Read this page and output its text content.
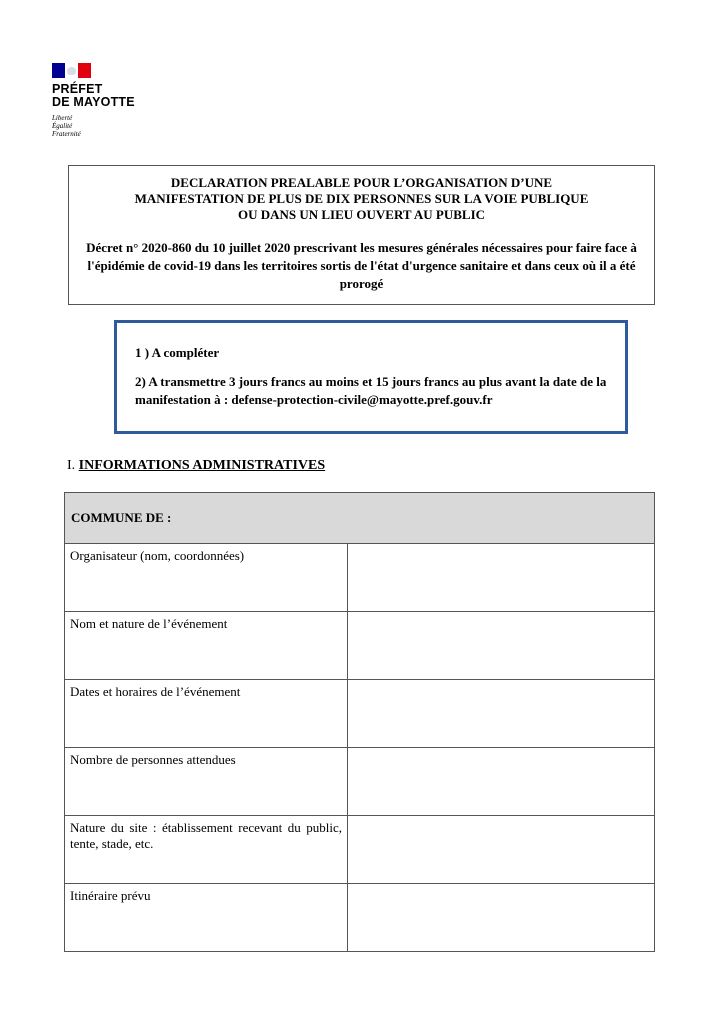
PRÉFET
DE MAYOTTE
Liberté
Égalité
Fraternité
DECLARATION PREALABLE POUR L’ORGANISATION D’UNE
MANIFESTATION DE PLUS DE DIX PERSONNES SUR LA VOIE PUBLIQUE
OU DANS UN LIEU OUVERT AU PUBLIC
Décret n° 2020-860 du 10 juillet 2020 prescrivant les mesures générales nécessaires pour faire face à l'épidémie de covid-19 dans les territoires sortis de l'état d'urgence sanitaire et dans ceux où il a été prorogé
1 ) A compléter
2) A transmettre 3 jours francs au moins et 15 jours francs au plus avant la date de la manifestation à : defense-protection-civile@mayotte.pref.gouv.fr
I. INFORMATIONS ADMINISTRATIVES
COMMUNE DE :	
Organisateur (nom, coordonnées)	
Nom et nature de l’événement	
Dates et horaires de l’événement	
Nombre de personnes attendues	
Nature du site : établissement recevant du public, tente, stade, etc.	
Itinéraire prévu	
